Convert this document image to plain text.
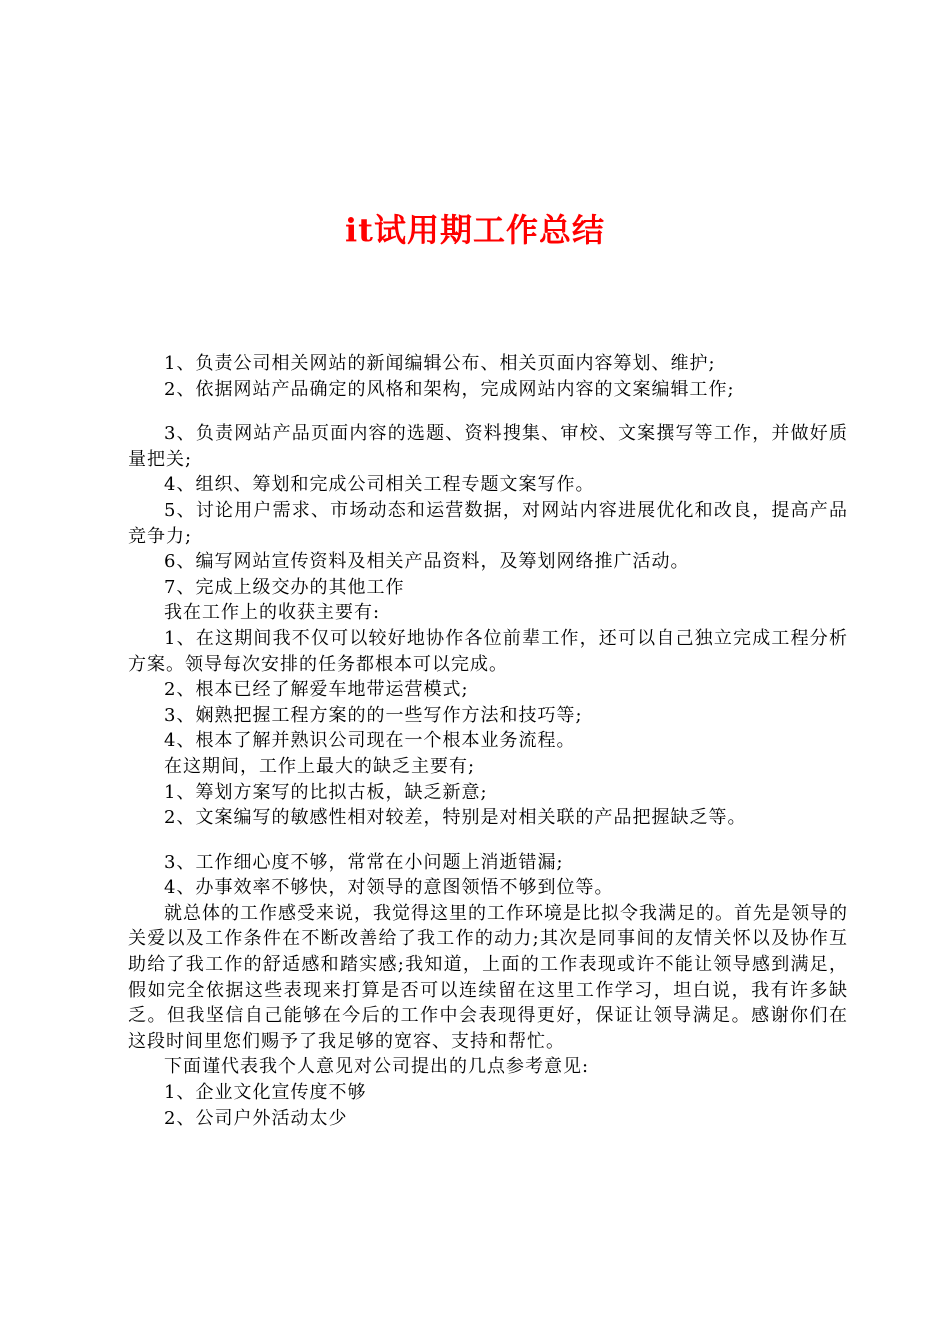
it试用期工作总结

1、负责公司相关网站的新闻编辑公布、相关页面内容筹划、维护;

2、依据网站产品确定的风格和架构，完成网站内容的文案编辑工作;

3、负责网站产品页面内容的选题、资料搜集、审校、文案撰写等工作，并做好质量把关;

4、组织、筹划和完成公司相关工程专题文案写作。

5、讨论用户需求、市场动态和运营数据，对网站内容进展优化和改良，提高产品竞争力;

6、编写网站宣传资料及相关产品资料，及筹划网络推广活动。

7、完成上级交办的其他工作

我在工作上的收获主要有:

1、在这期间我不仅可以较好地协作各位前辈工作，还可以自己独立完成工程分析方案。领导每次安排的任务都根本可以完成。

2、根本已经了解爱车地带运营模式;

3、娴熟把握工程方案的的一些写作方法和技巧等;

4、根本了解并熟识公司现在一个根本业务流程。

在这期间，工作上最大的缺乏主要有;

1、筹划方案写的比拟古板，缺乏新意;

2、文案编写的敏感性相对较差，特别是对相关联的产品把握缺乏等。

3、工作细心度不够，常常在小问题上消逝错漏;

4、办事效率不够快，对领导的意图领悟不够到位等。

就总体的工作感受来说，我觉得这里的工作环境是比拟令我满足的。首先是领导的关爱以及工作条件在不断改善给了我工作的动力;其次是同事间的友情关怀以及协作互助给了我工作的舒适感和踏实感;我知道，上面的工作表现或许不能让领导感到满足，假如完全依据这些表现来打算是否可以连续留在这里工作学习，坦白说，我有许多缺乏。但我坚信自己能够在今后的工作中会表现得更好，保证让领导满足。感谢你们在这段时间里您们赐予了我足够的宽容、支持和帮忙。

下面谨代表我个人意见对公司提出的几点参考意见:

1、企业文化宣传度不够

2、公司户外活动太少
